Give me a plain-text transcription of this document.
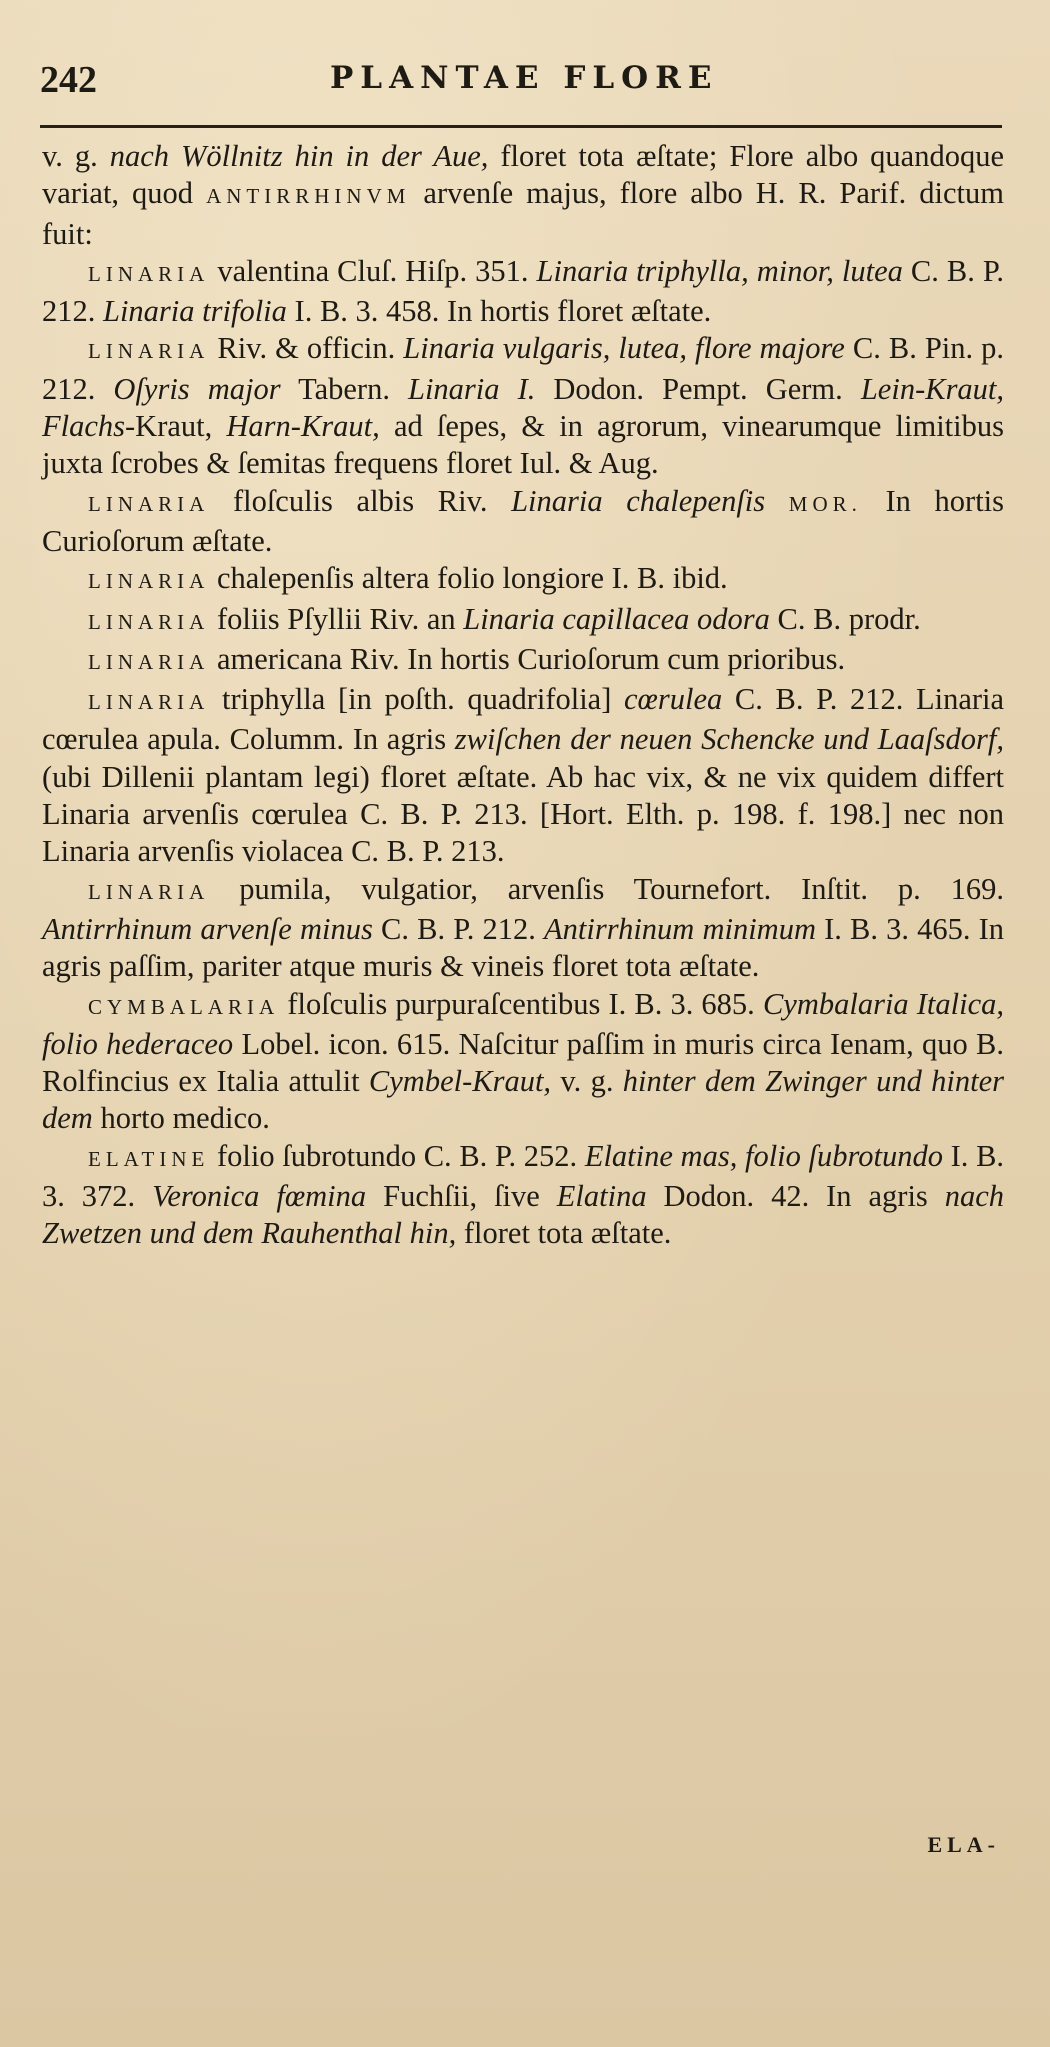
242	PLANTAE FLORE

v. g. nach Wöllnitz hin in der Aue, floret tota æſtate; Flore albo quandoque variat, quod ANTIRRHINVM arvenſe majus, flore albo H. R. Parif. dictum fuit:

LINARIA valentina Cluſ. Hiſp. 351. Linaria triphylla, minor, lutea C. B. P. 212. Linaria trifolia I. B. 3. 458. In hortis floret æſtate.

LINARIA Riv. & officin. Linaria vulgaris, lutea, flore majore C. B. Pin. p. 212. Oſyris major Tabern. Linaria I. Dodon. Pempt. Germ. Lein-Kraut, Flachs-Kraut, Harn-Kraut, ad ſepes, & in agrorum, vinearumque limitibus juxta ſcrobes & ſemitas frequens floret Iul. & Aug.

LINARIA floſculis albis Riv. Linaria chalepenſis MOR. In hortis Curioſorum æſtate.

LINARIA chalepenſis altera folio longiore I. B. ibid.

LINARIA foliis Pſyllii Riv. an Linaria capillacea odora C. B. prodr.

LINARIA americana Riv. In hortis Curioſorum cum prioribus.

LINARIA triphylla [in poſth. quadrifolia] cœrulea C. B. P. 212. Linaria cœrulea apula. Columm. In agris zwiſchen der neuen Schencke und Laaſsdorf, (ubi Dillenii plantam legi) floret æſtate. Ab hac vix, & ne vix quidem differt Linaria arvenſis cœrulea C. B. P. 213. [Hort. Elth. p. 198. f. 198.] nec non Linaria arvenſis violacea C. B. P. 213.

LINARIA pumila, vulgatior, arvenſis Tournefort. Inſtit. p. 169. Antirrhinum arvenſe minus C. B. P. 212. Antirrhinum minimum I. B. 3. 465. In agris paſſim, pariter atque muris & vineis floret tota æſtate.

CYMBALARIA floſculis purpuraſcentibus I. B. 3. 685. Cymbalaria Italica, folio hederaceo Lobel. icon. 615. Naſcitur paſſim in muris circa Ienam, quo B. Rolfincius ex Italia attulit Cymbel-Kraut, v. g. hinter dem Zwinger und hinter dem horto medico.

ELATINE folio ſubrotundo C. B. P. 252. Elatine mas, folio ſubrotundo I. B. 3. 372. Veronica fœmina Fuchſii, ſive Elatina Dodon. 42. In agris nach Zwetzen und dem Rauhenthal hin, floret tota æſtate.

ELA-
